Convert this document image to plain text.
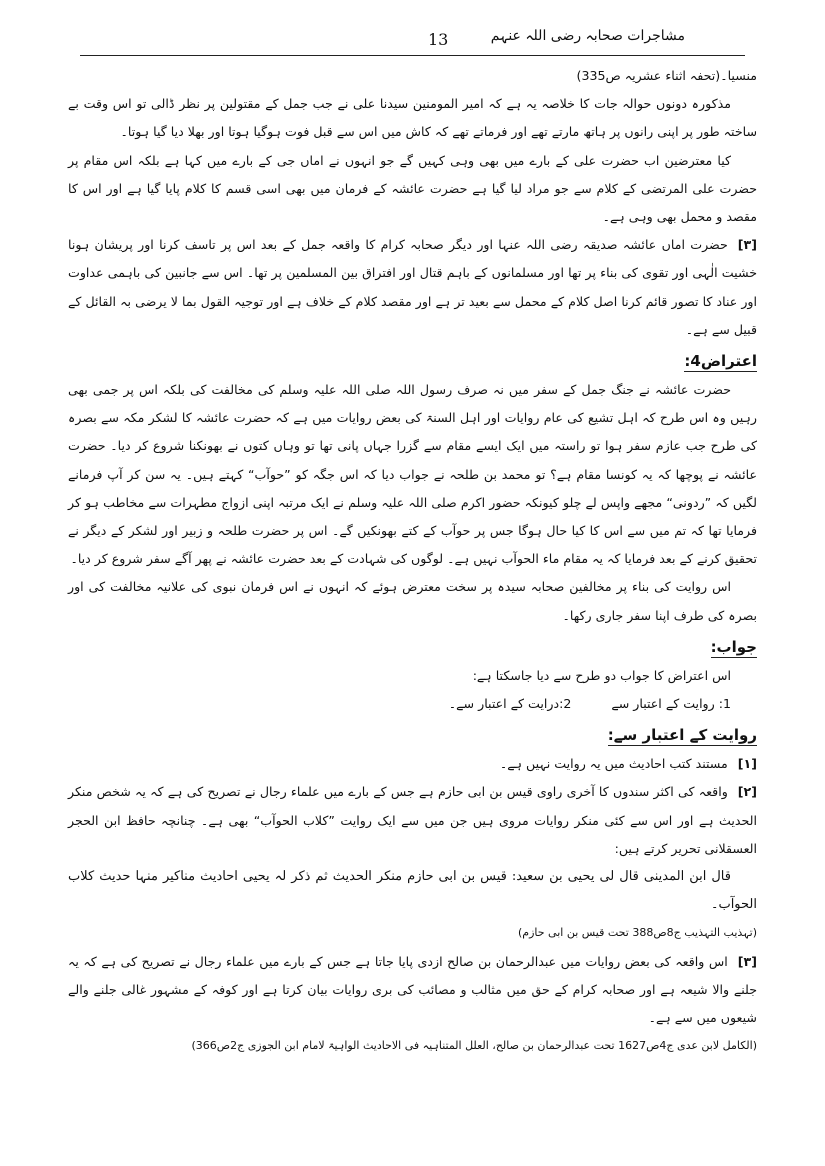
مشاجرات صحابہ رضی اللہ عنہم
13

منسیا۔(تحفہ اثناء عشریہ ص335)

مذکورہ دونوں حوالہ جات کا خلاصہ یہ ہے کہ امیر المومنین سیدنا علی نے جب جمل کے مقتولین پر نظر ڈالی تو اس وقت بے ساختہ طور پر اپنی رانوں پر ہاتھ مارتے تھے اور فرماتے تھے کہ کاش میں اس سے قبل فوت ہوگیا ہوتا اور بھلا دیا گیا ہوتا۔

کیا معترضین اب حضرت علی کے بارے میں بھی وہی کہیں گے جو انہوں نے اماں جی کے بارے میں کہا ہے بلکہ اس مقام پر حضرت علی المرتضی کے کلام سے جو مراد لیا گیا ہے حضرت عائشہ کے فرمان میں بھی اسی قسم کا کلام پایا گیا ہے اور اس کا مقصد و محمل بھی وہی ہے۔

[۳]حضرت اماں عائشہ صدیقہ رضی اللہ عنہا اور دیگر صحابہ کرام کا واقعہ جمل کے بعد اس پر تاسف کرنا اور پریشان ہونا خشیت الٰہی اور تقوی کی بناء پر تھا اور مسلمانوں کے باہم قتال اور افتراق بین المسلمین پر تھا۔ اس سے جانبین کی باہمی عداوت اور عناد کا تصور قائم کرنا اصل کلام کے محمل سے بعید تر ہے اور مقصد کلام کے خلاف ہے اور توجیہ القول بما لا یرضی بہ القائل کے قبیل سے ہے۔

اعتراض4:

حضرت عائشہ نے جنگ جمل کے سفر میں نہ صرف رسول اللہ صلی اللہ علیہ وسلم کی مخالفت کی بلکہ اس پر جمی بھی رہیں وہ اس طرح کہ اہل تشیع کی عام روایات اور اہل السنۃ کی بعض روایات میں ہے کہ حضرت عائشہ کا لشکر مکہ سے بصرہ کی طرح جب عازم سفر ہوا تو راستہ میں ایک ایسے مقام سے گزرا جہاں پانی تھا تو وہاں کتوں نے بھونکنا شروع کر دیا۔ حضرت عائشہ نے پوچھا کہ یہ کونسا مقام ہے؟ تو محمد بن طلحہ نے جواب دیا کہ اس جگہ کو ”حوآب“ کہتے ہیں۔ یہ سن کر آپ فرمانے لگیں کہ ”ردونی“ مجھے واپس لے چلو کیونکہ حضور اکرم صلی اللہ علیہ وسلم نے ایک مرتبہ اپنی ازواج مطہرات سے مخاطب ہو کر فرمایا تھا کہ تم میں سے اس کا کیا حال ہوگا جس پر حوآب کے کتے بھونکیں گے۔ اس پر حضرت طلحہ و زبیر اور لشکر کے دیگر نے تحقیق کرنے کے بعد فرمایا کہ یہ مقام ماء الحوآب نہیں ہے۔ لوگوں کی شہادت کے بعد حضرت عائشہ نے پھر آگے سفر شروع کر دیا۔

اس روایت کی بناء پر مخالفین صحابہ سیدہ پر سخت معترض ہوئے کہ انہوں نے اس فرمان نبوی کی علانیہ مخالفت کی اور بصرہ کی طرف اپنا سفر جاری رکھا۔

جواب:

اس اعتراض کا جواب دو طرح سے دیا جاسکتا ہے:

1: روایت کے اعتبار سے2:درایت کے اعتبار سے۔

روایت کے اعتبار سے:

[۱]مستند کتب احادیث میں یہ روایت نہیں ہے۔

[۲]واقعہ کی اکثر سندوں کا آخری راوی قیس بن ابی حازم ہے جس کے بارے میں علماء رجال نے تصریح کی ہے کہ یہ شخص منکر الحدیث ہے اور اس سے کئی منکر روایات مروی ہیں جن میں سے ایک روایت ”کلاب الحوآب“ بھی ہے۔ چنانچہ حافظ ابن الحجر العسقلانی تحریر کرتے ہیں:

قال ابن المدینی قال لی یحیی بن سعید: قیس بن ابی حازم منکر الحدیث ثم ذکر لہ یحیی احادیث مناکیر منہا حدیث کلاب الحوآب۔

(تہذیب التہذیب ج8ص388 تحت قیس بن ابی حازم)

[۳]اس واقعہ کی بعض روایات میں عبدالرحمان بن صالح ازدی پایا جاتا ہے جس کے بارے میں علماء رجال نے تصریح کی ہے کہ یہ جلنے والا شیعہ ہے اور صحابہ کرام کے حق میں مثالب و مصائب کی بری روایات بیان کرتا ہے اور کوفہ کے مشہور غالی جلنے والے شیعوں میں سے ہے۔

(الکامل لابن عدی ج4ص1627 تحت عبدالرحمان بن صالح، العلل المتناہیہ فی الاحادیث الواہیۃ لامام ابن الجوزی ج2ص366)
